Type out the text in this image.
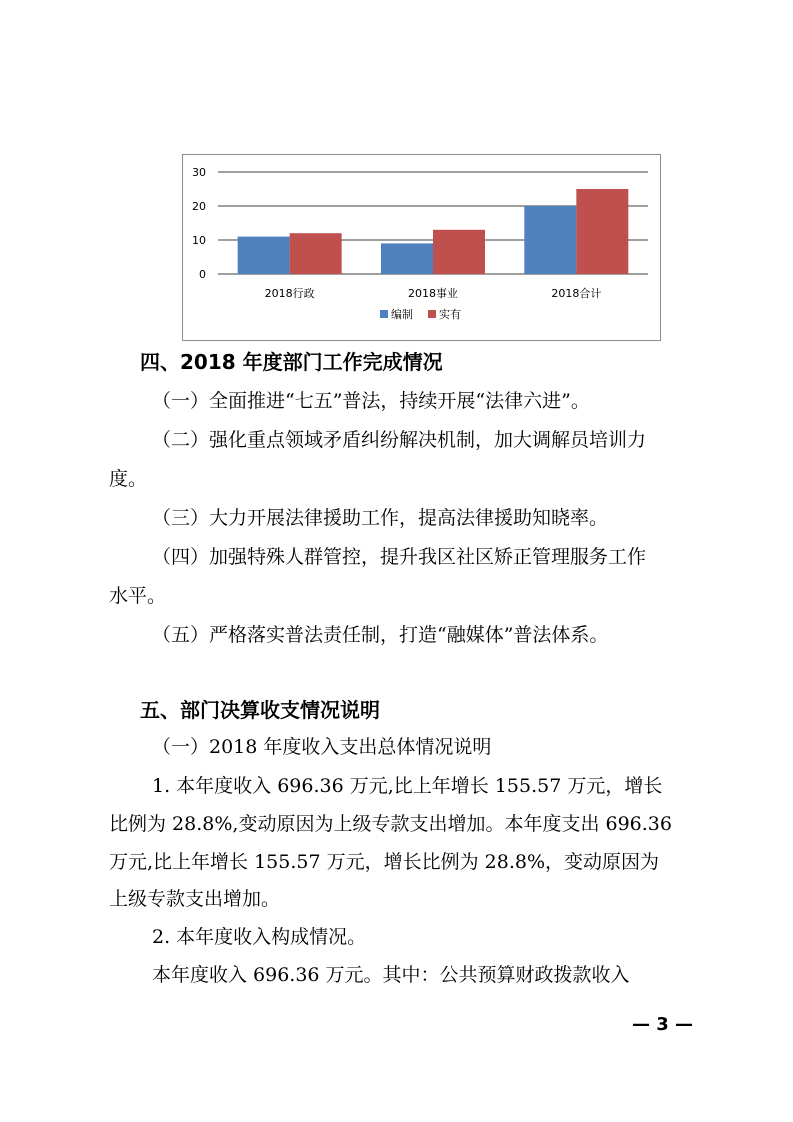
0
10
20
30
2018行政	2018事业	2018合计
编制 实有
四、2018 年度部门工作完成情况
（一）全面推进“七五”普法，持续开展“法律六进”。
（二）强化重点领域矛盾纠纷解决机制，加大调解员培训力
度。
（三）大力开展法律援助工作，提高法律援助知晓率。
（四）加强特殊人群管控，提升我区社区矫正管理服务工作
水平。
（五）严格落实普法责任制，打造“融媒体”普法体系。
五、部门决算收支情况说明
（一）2018 年度收入支出总体情况说明
1. 本年度收入 696.36 万元,比上年增长 155.57 万元，增长
比例为 28.8%,变动原因为上级专款支出增加。本年度支出 696.36
万元,比上年增长 155.57 万元，增长比例为 28.8%，变动原因为
上级专款支出增加。
2. 本年度收入构成情况。
本年度收入 696.36 万元。其中：公共预算财政拨款收入
— 3 —
